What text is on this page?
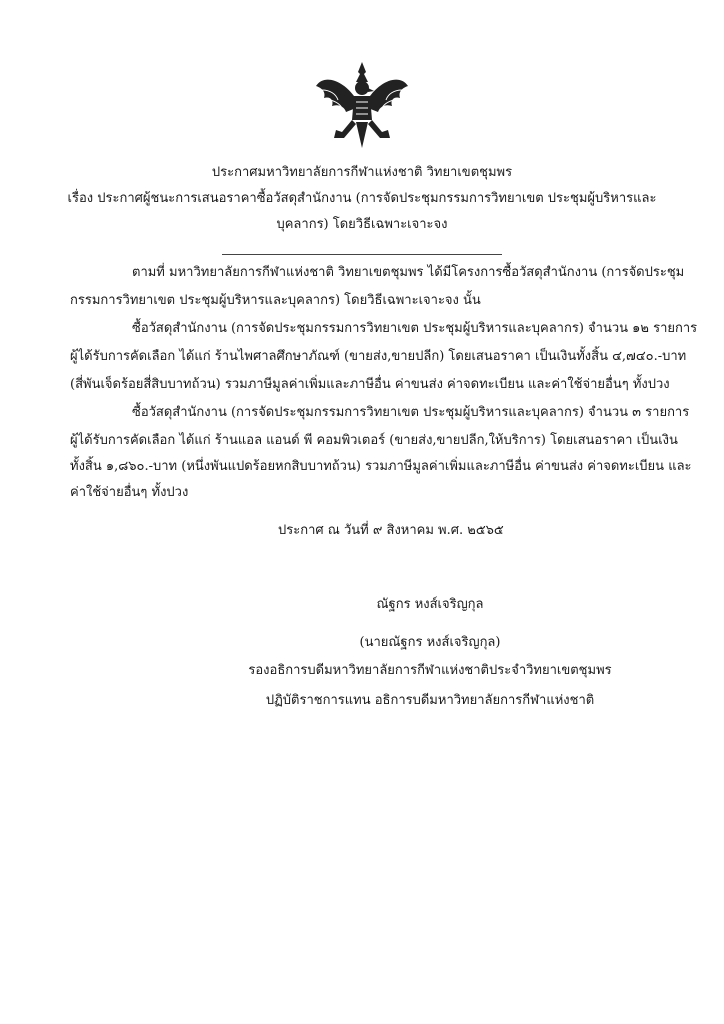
ประกาศมหาวิทยาลัยการกีฬาแห่งชาติ วิทยาเขตชุมพร
เรื่อง ประกาศผู้ชนะการเสนอราคาซื้อวัสดุสำนักงาน (การจัดประชุมกรรมการวิทยาเขต ประชุมผู้บริหารและ
บุคลากร) โดยวิธีเฉพาะเจาะจง
ตามที่ มหาวิทยาลัยการกีฬาแห่งชาติ วิทยาเขตชุมพร ได้มีโครงการซื้อวัสดุสำนักงาน (การจัดประชุม
กรรมการวิทยาเขต ประชุมผู้บริหารและบุคลากร) โดยวิธีเฉพาะเจาะจง นั้น
ซื้อวัสดุสำนักงาน (การจัดประชุมกรรมการวิทยาเขต ประชุมผู้บริหารและบุคลากร) จำนวน ๑๒ รายการ
ผู้ได้รับการคัดเลือก ได้แก่ ร้านไพศาลศึกษาภัณฑ์ (ขายส่ง,ขายปลีก) โดยเสนอราคา เป็นเงินทั้งสิ้น ๔,๗๔๐.-บาท
(สี่พันเจ็ดร้อยสี่สิบบาทถ้วน) รวมภาษีมูลค่าเพิ่มและภาษีอื่น ค่าขนส่ง ค่าจดทะเบียน และค่าใช้จ่ายอื่นๆ ทั้งปวง
ซื้อวัสดุสำนักงาน (การจัดประชุมกรรมการวิทยาเขต ประชุมผู้บริหารและบุคลากร) จำนวน ๓ รายการ
ผู้ได้รับการคัดเลือก ได้แก่ ร้านแอล แอนด์ พี คอมพิวเตอร์ (ขายส่ง,ขายปลีก,ให้บริการ) โดยเสนอราคา เป็นเงิน
ทั้งสิ้น ๑,๘๖๐.-บาท (หนึ่งพันแปดร้อยหกสิบบาทถ้วน) รวมภาษีมูลค่าเพิ่มและภาษีอื่น ค่าขนส่ง ค่าจดทะเบียน และ
ค่าใช้จ่ายอื่นๆ ทั้งปวง
ประกาศ ณ วันที่ ๙ สิงหาคม พ.ศ. ๒๕๖๕
ณัฐกร หงส์เจริญกุล
(นายณัฐกร หงส์เจริญกุล)
รองอธิการบดีมหาวิทยาลัยการกีฬาแห่งชาติประจำวิทยาเขตชุมพร
ปฏิบัติราชการแทน อธิการบดีมหาวิทยาลัยการกีฬาแห่งชาติ
